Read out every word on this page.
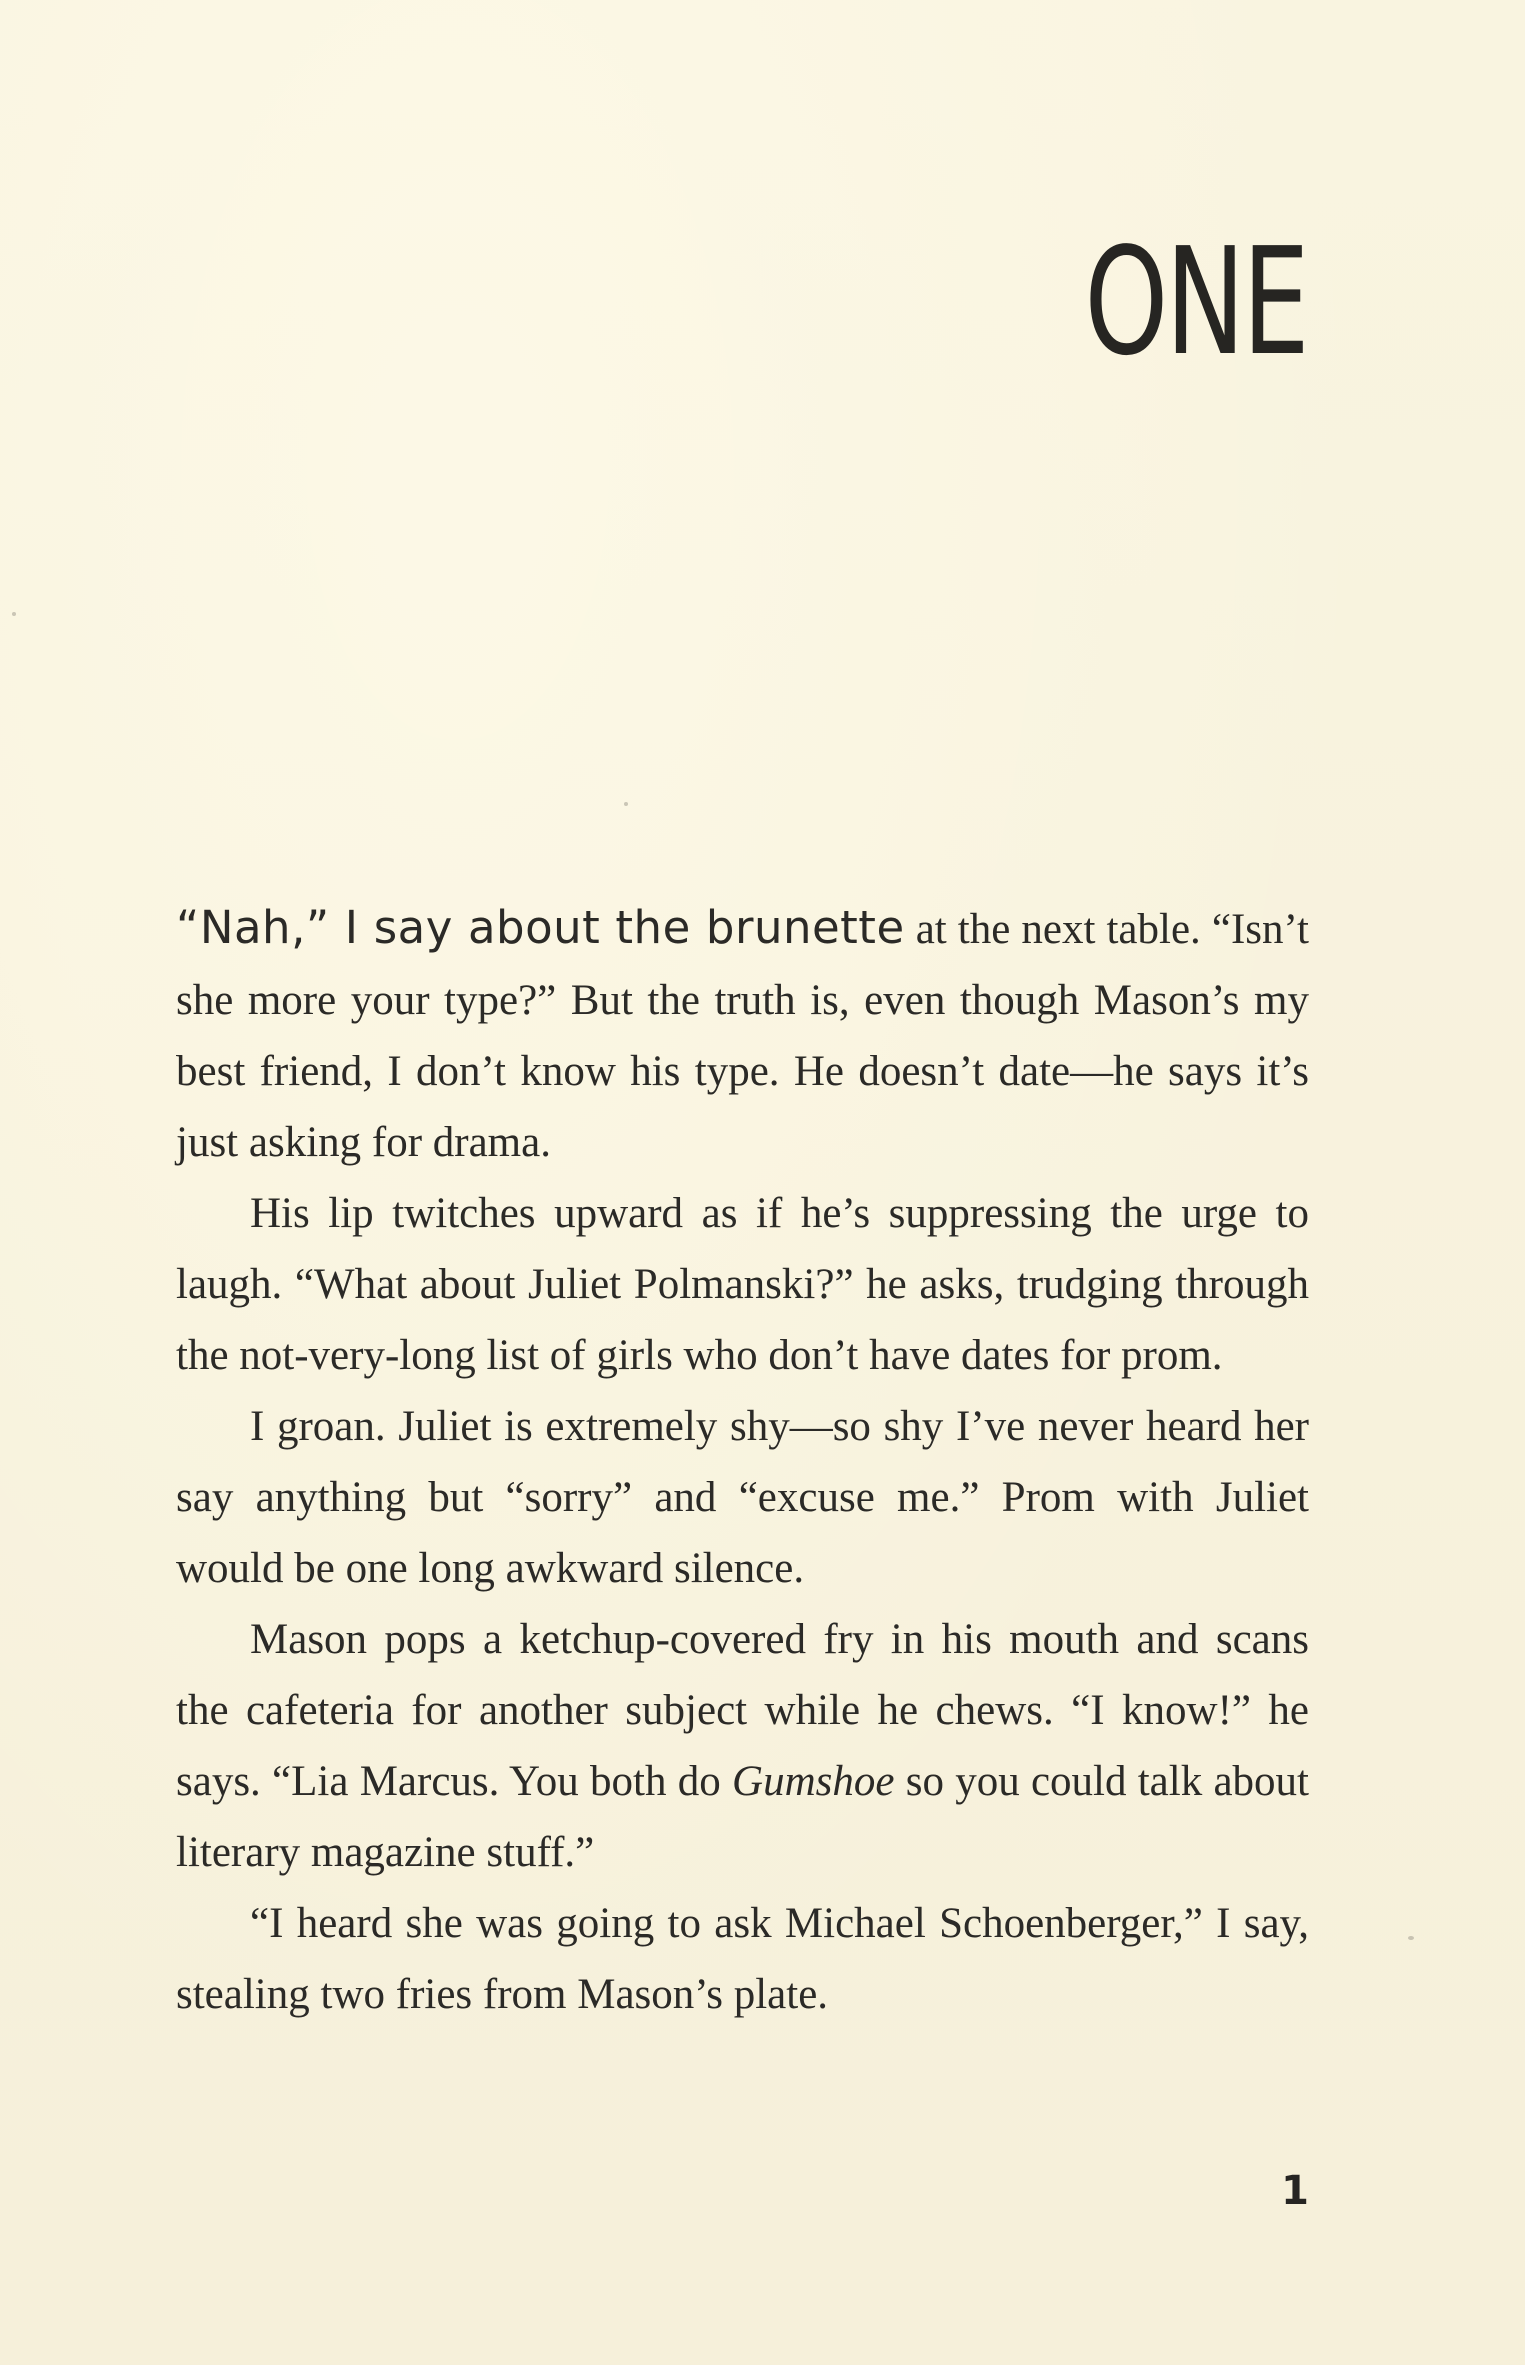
ONE

“Nah,” I say about the brunette at the next table. “Isn’t she more your type?” But the truth is, even though Mason’s my best friend, I don’t know his type. He doesn’t date—he says it’s just asking for drama.

His lip twitches upward as if he’s suppressing the urge to laugh. “What about Juliet Polmanski?” he asks, trudging through the not-very-long list of girls who don’t have dates for prom.

I groan. Juliet is extremely shy—so shy I’ve never heard her say anything but “sorry” and “excuse me.” Prom with Juliet would be one long awkward silence.

Mason pops a ketchup-covered fry in his mouth and scans the cafeteria for another subject while he chews. “I know!” he says. “Lia Marcus. You both do Gumshoe so you could talk about literary magazine stuff.”

“I heard she was going to ask Michael Schoenberger,” I say, stealing two fries from Mason’s plate.

1
